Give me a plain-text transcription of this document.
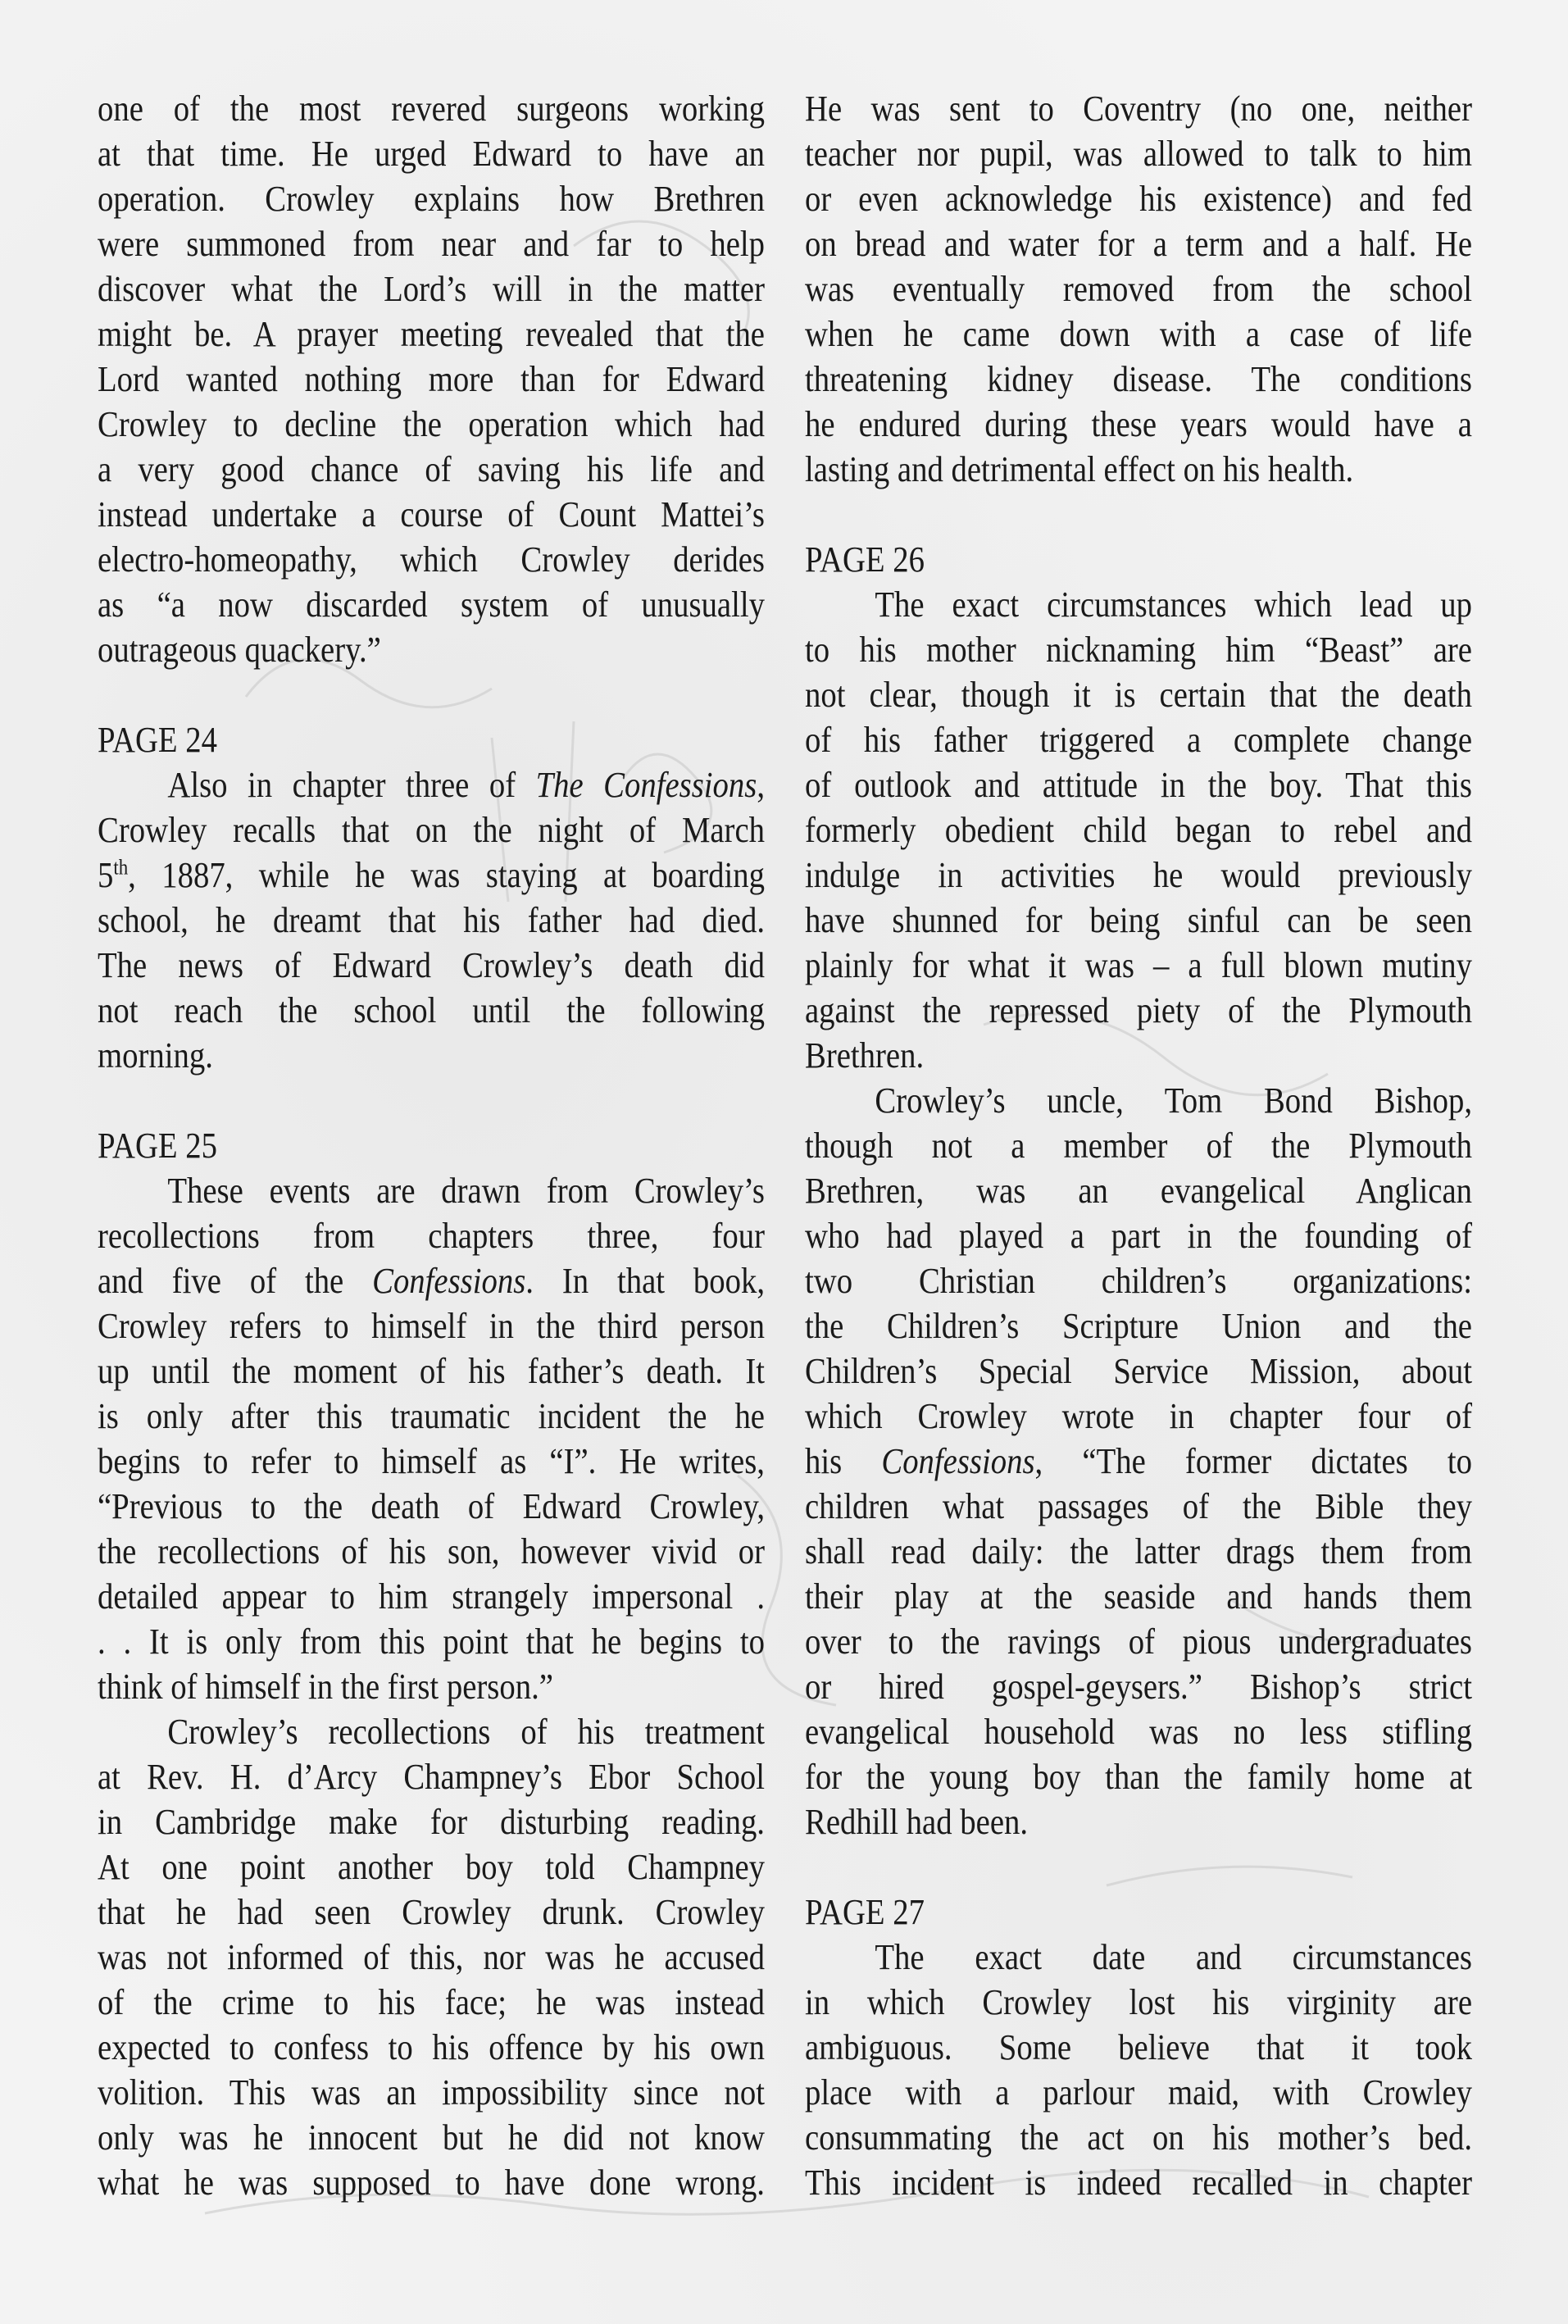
one of the most revered surgeons working
at that time. He urged Edward to have an
operation. Crowley explains how Brethren
were summoned from near and far to help
discover what the Lord’s will in the matter
might be. A prayer meeting revealed that the
Lord wanted nothing more than for Edward
Crowley to decline the operation which had
a very good chance of saving his life and
instead undertake a course of Count Mattei’s
electro-homeopathy, which Crowley derides
as “a now discarded system of unusually
outrageous quackery.”
PAGE 24
Also in chapter three of The Confessions,
Crowley recalls that on the night of March
5th, 1887, while he was staying at boarding
school, he dreamt that his father had died.
The news of Edward Crowley’s death did
not reach the school until the following
morning.
PAGE 25
These events are drawn from Crowley’s
recollections from chapters three, four
and five of the Confessions. In that book,
Crowley refers to himself in the third person
up until the moment of his father’s death. It
is only after this traumatic incident the he
begins to refer to himself as “I”. He writes,
“Previous to the death of Edward Crowley,
the recollections of his son, however vivid or
detailed appear to him strangely impersonal .
. . It is only from this point that he begins to
think of himself in the first person.”
Crowley’s recollections of his treatment
at Rev. H. d’Arcy Champney’s Ebor School
in Cambridge make for disturbing reading.
At one point another boy told Champney
that he had seen Crowley drunk. Crowley
was not informed of this, nor was he accused
of the crime to his face; he was instead
expected to confess to his offence by his own
volition. This was an impossibility since not
only was he innocent but he did not know
what he was supposed to have done wrong.
He was sent to Coventry (no one, neither
teacher nor pupil, was allowed to talk to him
or even acknowledge his existence) and fed
on bread and water for a term and a half. He
was eventually removed from the school
when he came down with a case of life
threatening kidney disease. The conditions
he endured during these years would have a
lasting and detrimental effect on his health.
PAGE 26
The exact circumstances which lead up
to his mother nicknaming him “Beast” are
not clear, though it is certain that the death
of his father triggered a complete change
of outlook and attitude in the boy. That this
formerly obedient child began to rebel and
indulge in activities he would previously
have shunned for being sinful can be seen
plainly for what it was – a full blown mutiny
against the repressed piety of the Plymouth
Brethren.
Crowley’s uncle, Tom Bond Bishop,
though not a member of the Plymouth
Brethren, was an evangelical Anglican
who had played a part in the founding of
two Christian children’s organizations:
the Children’s Scripture Union and the
Children’s Special Service Mission, about
which Crowley wrote in chapter four of
his Confessions, “The former dictates to
children what passages of the Bible they
shall read daily: the latter drags them from
their play at the seaside and hands them
over to the ravings of pious undergraduates
or hired gospel-geysers.” Bishop’s strict
evangelical household was no less stifling
for the young boy than the family home at
Redhill had been.
PAGE 27
The exact date and circumstances
in which Crowley lost his virginity are
ambiguous. Some believe that it took
place with a parlour maid, with Crowley
consummating the act on his mother’s bed.
This incident is indeed recalled in chapter
